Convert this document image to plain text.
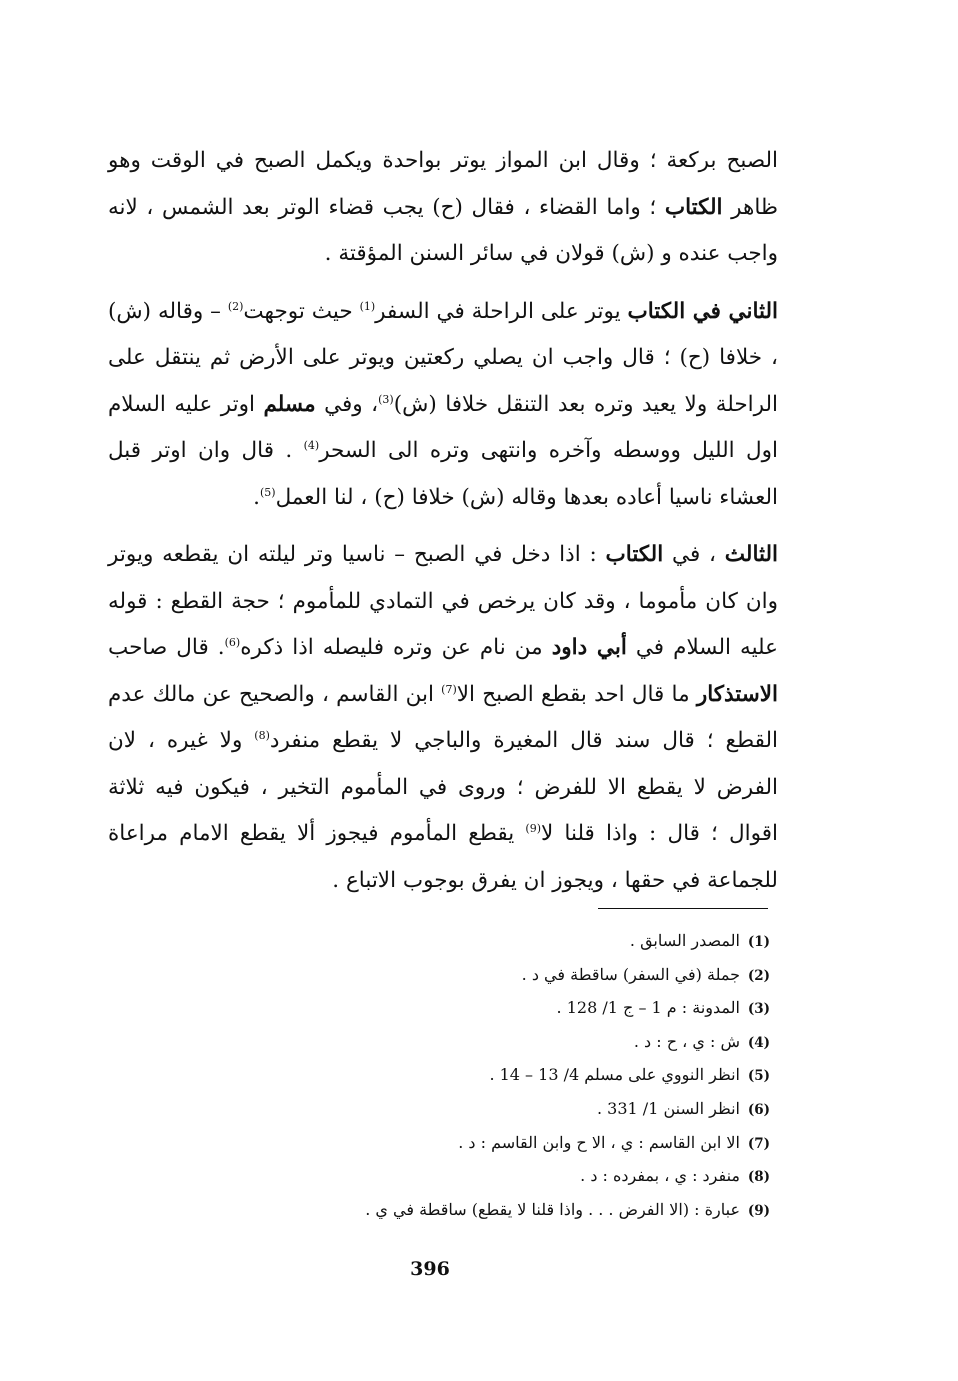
الصبح بركعة ؛ وقال ابن المواز يوتر بواحدة ويكمل الصبح في الوقت وهو ظاهر الكتاب ؛ واما القضاء ، فقال (ح) يجب قضاء الوتر بعد الشمس ، لانه واجب عنده و (ش) قولان في سائر السنن المؤقتة .

الثاني في الكتاب يوتر على الراحلة في السفر$^{(1)}$ حيث توجهت$^{(2)}$ – وقاله (ش) ، خلافا (ح) ؛ قال واجب ان يصلي ركعتين ويوتر على الأرض ثم ينتقل على الراحلة ولا يعيد وتره بعد التنقل خلافا (ش)$^{(3)}$، وفي مسلم اوتر عليه السلام اول الليل ووسطه وآخره وانتهى وتره الى السحر$^{(4)}$ . قال وان اوتر قبل العشاء ناسيا أعاده بعدها وقاله (ش) خلافا (ح) ، لنا العمل$^{(5)}$.

الثالث ، في الكتاب : اذا دخل في الصبح – ناسيا وتر ليلته ان يقطعه ويوتر وان كان مأموما ، وقد كان يرخص في التمادي للمأموم ؛ حجة القطع : قوله عليه السلام في أبي داود من نام عن وتره فليصله اذا ذكره$^{(6)}$. قال صاحب الاستذكار ما قال احد بقطع الصبح الا$^{(7)}$ ابن القاسم ، والصحيح عن مالك عدم القطع ؛ قال سند قال المغيرة والباجي لا يقطع منفرد$^{(8)}$ ولا غيره ، لان الفرض لا يقطع الا للفرض ؛ وروى في المأموم التخير ، فيكون فيه ثلاثة اقوال ؛ قال : واذا قلنا لا$^{(9)}$ يقطع المأموم فيجوز ألا يقطع الامام مراعاة للجماعة في حقها ، ويجوز ان يفرق بوجوب الاتباع .

(1)المصدر السابق .
(2)جملة (في السفر) ساقطة في د .
(3)المدونة : م 1 – ج 1/ 128 .
(4)ش : ي ، ح : د .
(5)انظر النووي على مسلم 4/ 13 – 14 .
(6)انظر السنن 1/ 331 .
(7)الا ابن القاسم : ي ، الا ح وابن القاسم : د .
(8)منفرد : ي ، بمفرده : د .
(9)عبارة : (الا الفرض . . . واذا قلنا لا يقطع) ساقطة في ي .
396
